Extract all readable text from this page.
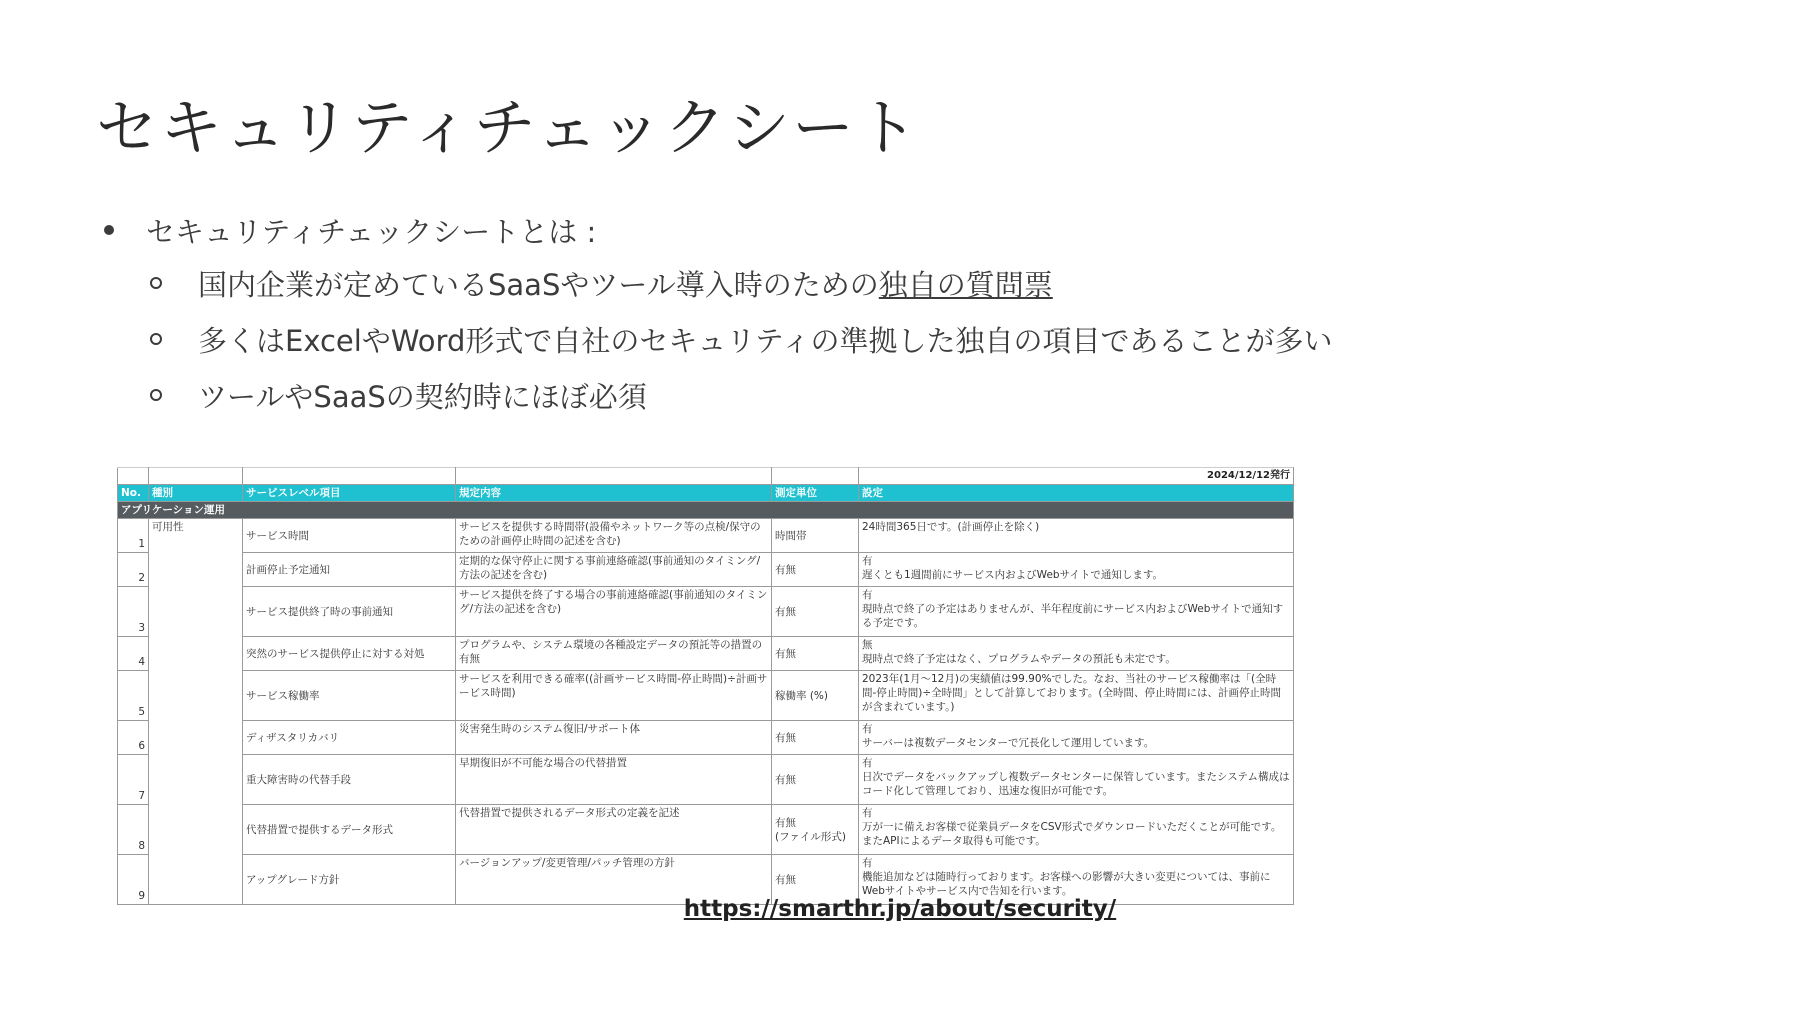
セキュリティチェックシート
セキュリティチェックシートとは :
国内企業が定めているSaaSやツール導入時のための 独自の質問票
多くはExcelやWord形式で自社のセキュリティの準拠した独自の項目であることが多い
ツールやSaaSの契約時にほぼ必須
					2024/12/12発行
No.	種別	サービスレベル項目	規定内容	測定単位	設定
アプリケーション運用					
1	可用性	サービス時間	サービスを提供する時間帯(設備やネットワーク等の点検/保守のための計画停止時間の記述を含む)	時間帯	24時間365日です。(計画停止を除く)
2		計画停止予定通知	定期的な保守停止に関する事前連絡確認(事前通知のタイミング/方法の記述を含む)	有無	有
遅くとも1週間前にサービス内およびWebサイトで通知します。
3		サービス提供終了時の事前通知	サービス提供を終了する場合の事前連絡確認(事前通知のタイミング/方法の記述を含む)	有無	有
現時点で終了の予定はありませんが、半年程度前にサービス内およびWebサイトで通知する予定です。
4		突然のサービス提供停止に対する対処	プログラムや、システム環境の各種設定データの預託等の措置の有無	有無	無
現時点で終了予定はなく、プログラムやデータの預託も未定です。
5		サービス稼働率	サービスを利用できる確率((計画サービス時間-停止時間)÷計画サービス時間)	稼働率 (%)	2023年(1月〜12月)の実績値は99.90%でした。なお、当社のサービス稼働率は「(全時間-停止時間)÷全時間」として計算しております。(全時間、停止時間には、計画停止時間が含まれています。)
6		ディザスタリカバリ	災害発生時のシステム復旧/サポート体	有無	有
サーバーは複数データセンターで冗長化して運用しています。
7		重大障害時の代替手段	早期復旧が不可能な場合の代替措置	有無	有
日次でデータをバックアップし複数データセンターに保管しています。またシステム構成はコード化して管理しており、迅速な復旧が可能です。
8		代替措置で提供するデータ形式	代替措置で提供されるデータ形式の定義を記述	有無
(ファイル形式)	有
万が一に備えお客様で従業員データをCSV形式でダウンロードいただくことが可能です。またAPIによるデータ取得も可能です。
9		アップグレード方針	バージョンアップ/変更管理/パッチ管理の方針	有無	有
機能追加などは随時行っております。お客様への影響が大きい変更については、事前にWebサイトやサービス内で告知を行います。
https://smarthr.jp/about/security/
